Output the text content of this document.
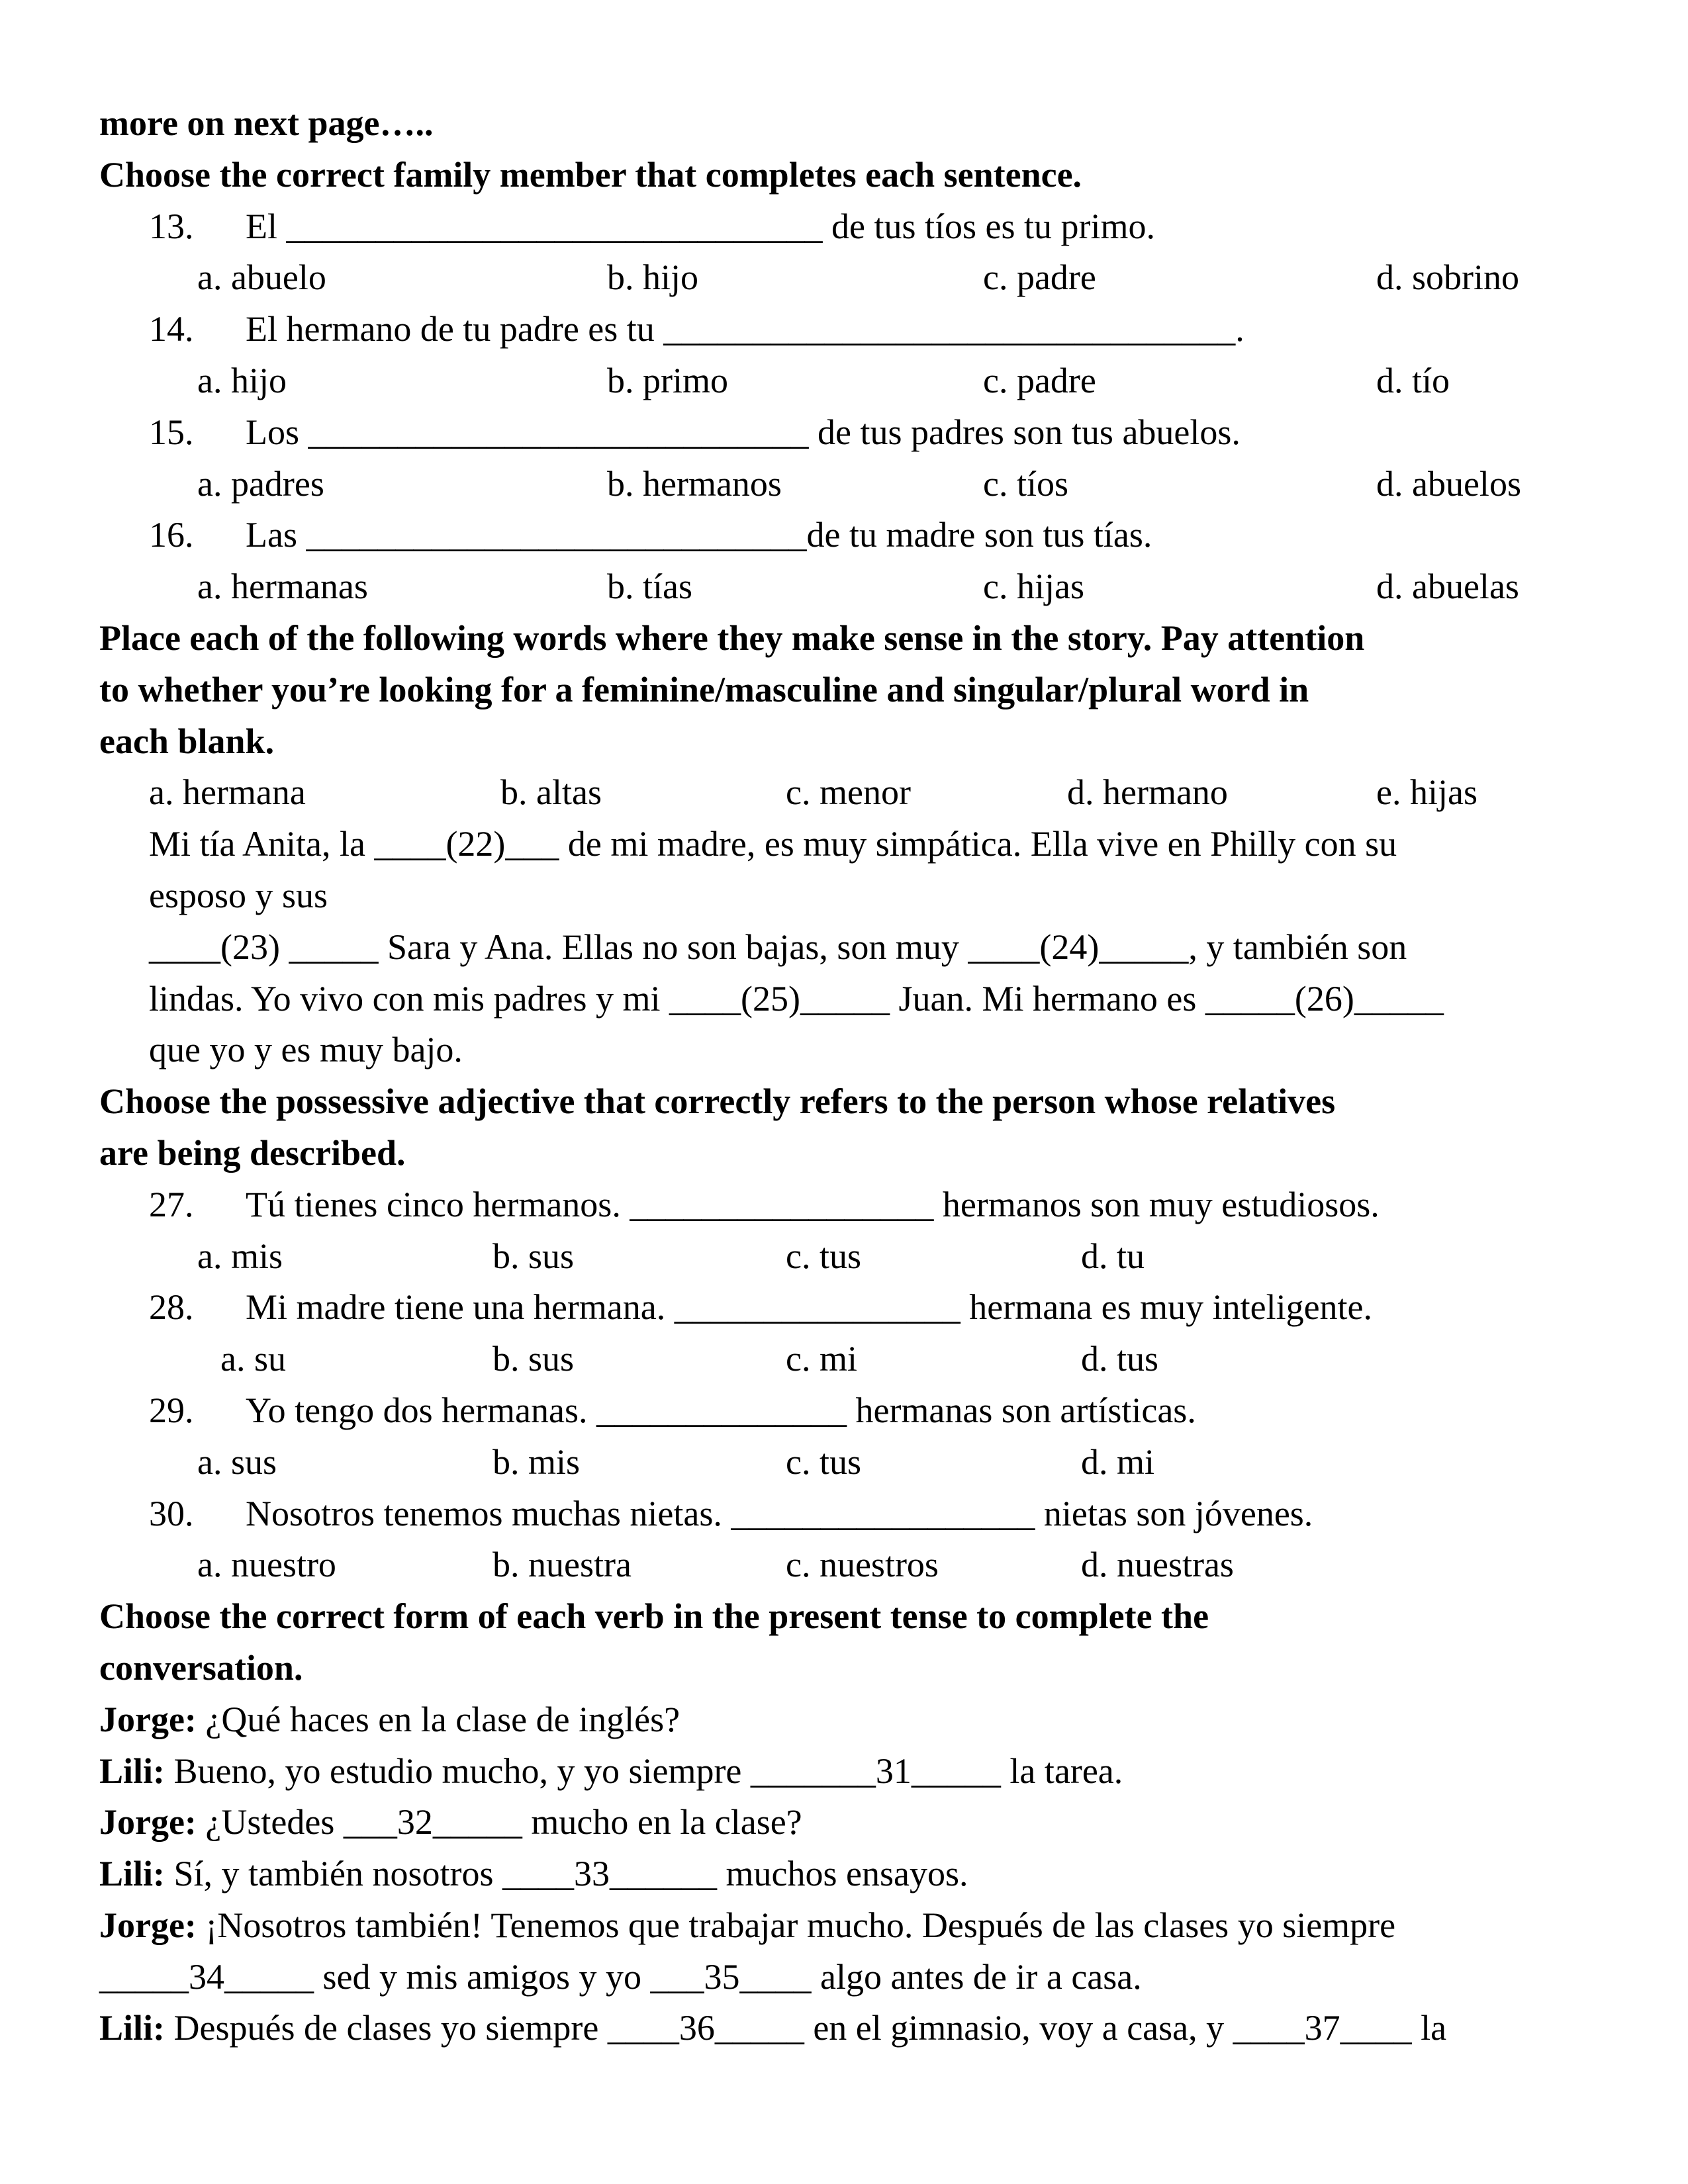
more on next page…..
Choose the correct family member that completes each sentence.
13. El ______________________________ de tus tíos es tu primo.
a. abuelo	b. hijo	c. padre	d. sobrino
14. El hermano de tu padre es tu ________________________________.
a. hijo	b. primo	c. padre	d. tío
15. Los ____________________________ de tus padres son tus abuelos.
a. padres	b. hermanos	c. tíos	d. abuelos
16. Las ____________________________de tu madre son tus tías.
a. hermanas	b. tías	c. hijas	d. abuelas
Place each of the following words where they make sense in the story. Pay attention
to whether you’re looking for a feminine/masculine and singular/plural word in
each blank.
a. hermana	b. altas	c. menor	d. hermano	e. hijas
Mi tía Anita, la ____(22)___ de mi madre, es muy simpática. Ella vive en Philly con su
esposo y sus
____(23) _____ Sara y Ana. Ellas no son bajas, son muy ____(24)_____, y también son
lindas. Yo vivo con mis padres y mi ____(25)_____ Juan. Mi hermano es _____(26)_____
que yo y es muy bajo.
Choose the possessive adjective that correctly refers to the person whose relatives
are being described.
27. Tú tienes cinco hermanos. _________________ hermanos son muy estudiosos.
a. mis	b. sus	c. tus	d. tu
28. Mi madre tiene una hermana. ________________ hermana es muy inteligente.
a. su	b. sus	c. mi	d. tus
29. Yo tengo dos hermanas. ______________ hermanas son artísticas.
a. sus	b. mis	c. tus	d. mi
30. Nosotros tenemos muchas nietas. _________________ nietas son jóvenes.
a. nuestro	b. nuestra	c. nuestros	d. nuestras
Choose the correct form of each verb in the present tense to complete the
conversation.
Jorge: ¿Qué haces en la clase de inglés?
Lili: Bueno, yo estudio mucho, y yo siempre _______31_____ la tarea.
Jorge: ¿Ustedes ___32_____ mucho en la clase?
Lili: Sí, y también nosotros ____33______ muchos ensayos.
Jorge: ¡Nosotros también! Tenemos que trabajar mucho. Después de las clases yo siempre
_____34_____ sed y mis amigos y yo ___35____ algo antes de ir a casa.
Lili: Después de clases yo siempre ____36_____ en el gimnasio, voy a casa, y ____37____ la
